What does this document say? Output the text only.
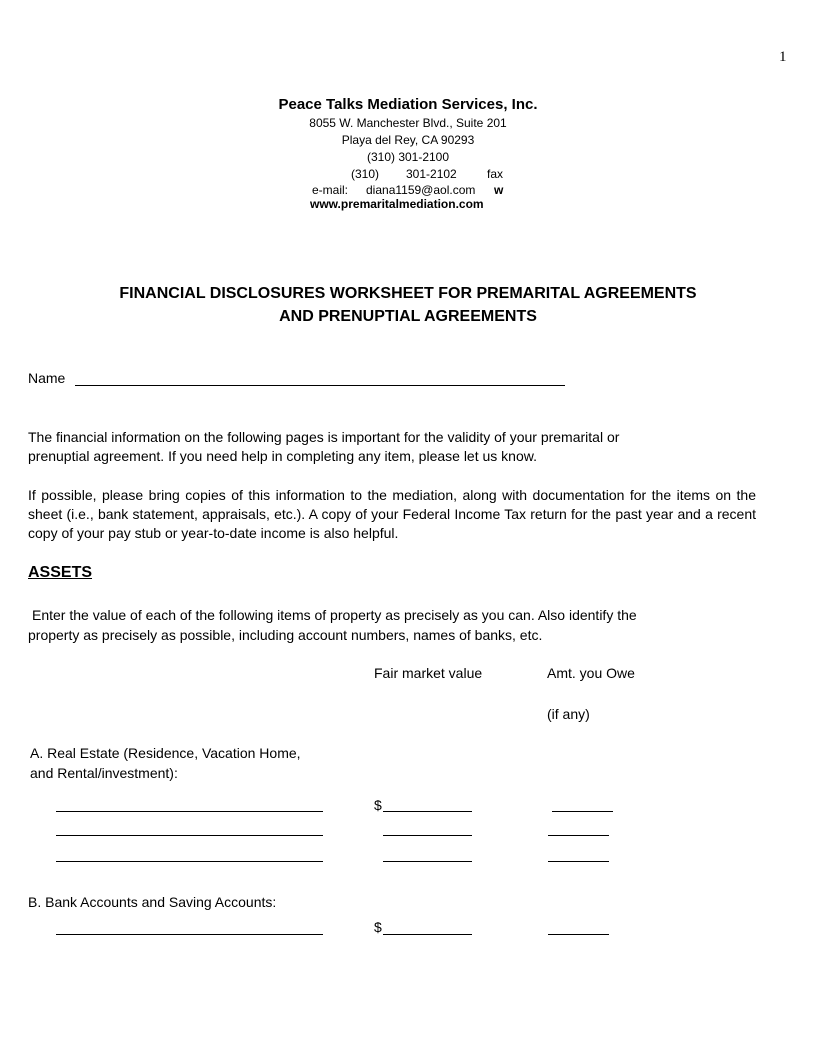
1
Peace Talks Mediation Services, Inc.
8055 W. Manchester Blvd., Suite 201
Playa del Rey, CA 90293
(310) 301-2100
(310) 301-2102	fax
e-mail: diana1159@aol.com w
www.premaritalmediation.com
FINANCIAL DISCLOSURES WORKSHEET FOR PREMARITAL AGREEMENTS
AND PRENUPTIAL AGREEMENTS
Name
The financial information on the following pages is important for the validity of your premarital or
prenuptial agreement. If you need help in completing any item, please let us know.
If possible, please bring copies of this information to the mediation, along with documentation for the items on the sheet (i.e., bank statement, appraisals, etc.). A copy of your Federal Income Tax return for the past year and a recent copy of your pay stub or year-to-date income is also helpful.
ASSETS
Enter the value of each of the following items of property as precisely as you can. Also identify the
property as precisely as possible, including account numbers, names of banks, etc.
Fair market value	Amt. you Owe
(if any)
A. Real Estate (Residence, Vacation Home,
and Rental/investment):
$
B. Bank Accounts and Saving Accounts:
$
